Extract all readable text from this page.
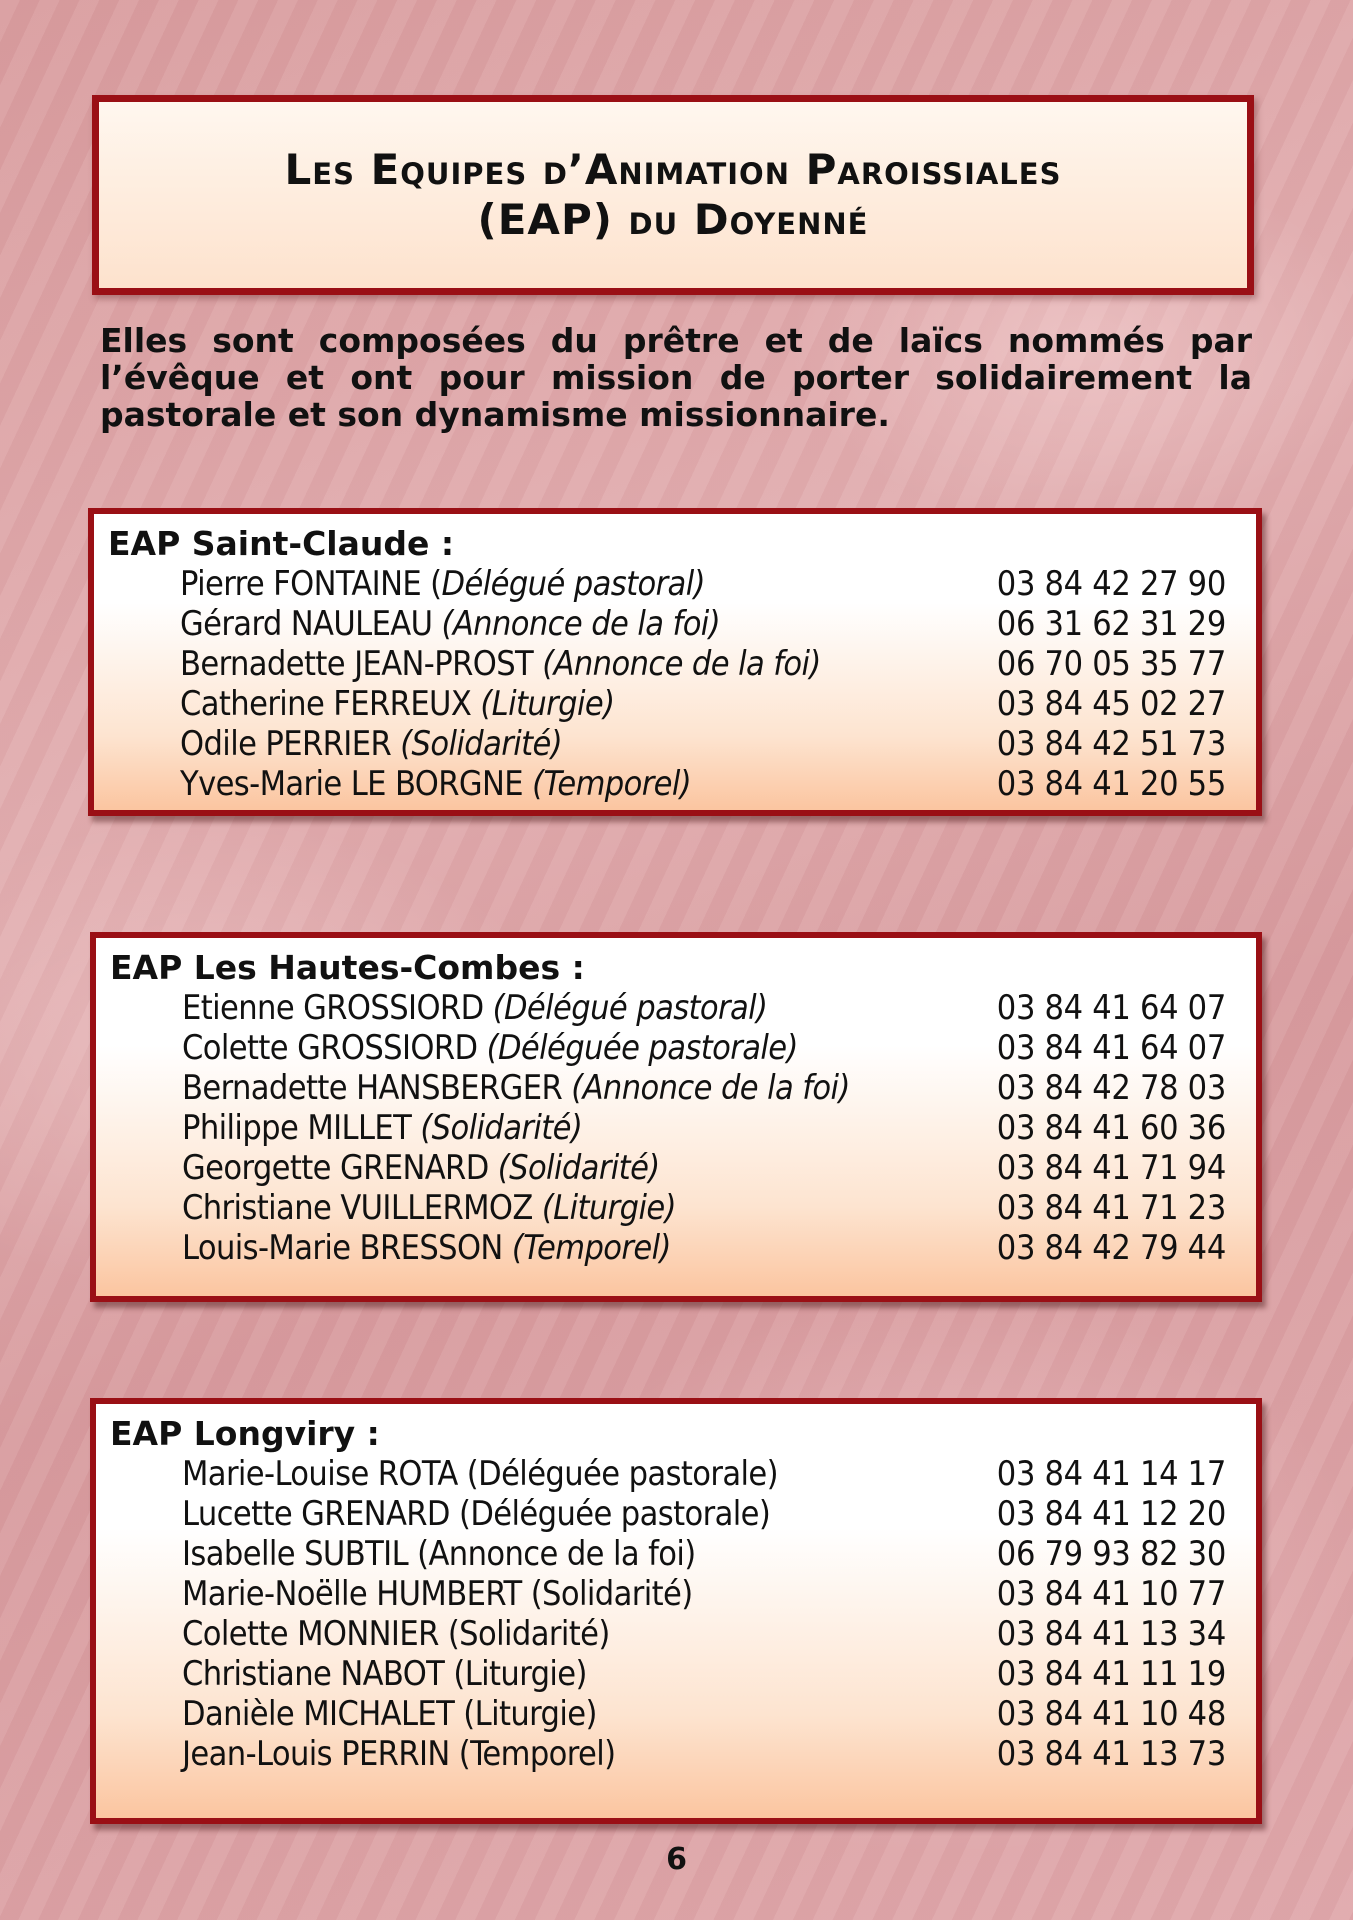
Les Equipes d’Animation Paroissiales
(EAP) du Doyenné
Elles sont composées du prêtre et de laïcs nommés par l’évêque et ont pour mission de porter solidairement la pastorale et son dynamisme missionnaire.
EAP Saint-Claude :
Pierre FONTAINE (Délégué pastoral)	03 84 42 27 90
Gérard NAULEAU (Annonce de la foi)	06 31 62 31 29
Bernadette JEAN-PROST (Annonce de la foi)	06 70 05 35 77
Catherine FERREUX (Liturgie)	03 84 45 02 27
Odile PERRIER (Solidarité)	03 84 42 51 73
Yves-Marie LE BORGNE (Temporel)	03 84 41 20 55
EAP Les Hautes-Combes :
Etienne GROSSIORD (Délégué pastoral)	03 84 41 64 07
Colette GROSSIORD (Déléguée pastorale)	03 84 41 64 07
Bernadette HANSBERGER (Annonce de la foi)	03 84 42 78 03
Philippe MILLET (Solidarité)	03 84 41 60 36
Georgette GRENARD (Solidarité)	03 84 41 71 94
Christiane VUILLERMOZ (Liturgie)	03 84 41 71 23
Louis-Marie BRESSON (Temporel)	03 84 42 79 44
EAP Longviry :
Marie-Louise ROTA (Déléguée pastorale)	03 84 41 14 17
Lucette GRENARD (Déléguée pastorale)	03 84 41 12 20
Isabelle SUBTIL (Annonce de la foi)	06 79 93 82 30
Marie-Noëlle HUMBERT (Solidarité)	03 84 41 10 77
Colette MONNIER (Solidarité)	03 84 41 13 34
Christiane NABOT (Liturgie)	03 84 41 11 19
Danièle MICHALET (Liturgie)	03 84 41 10 48
Jean-Louis PERRIN (Temporel)	03 84 41 13 73
6
